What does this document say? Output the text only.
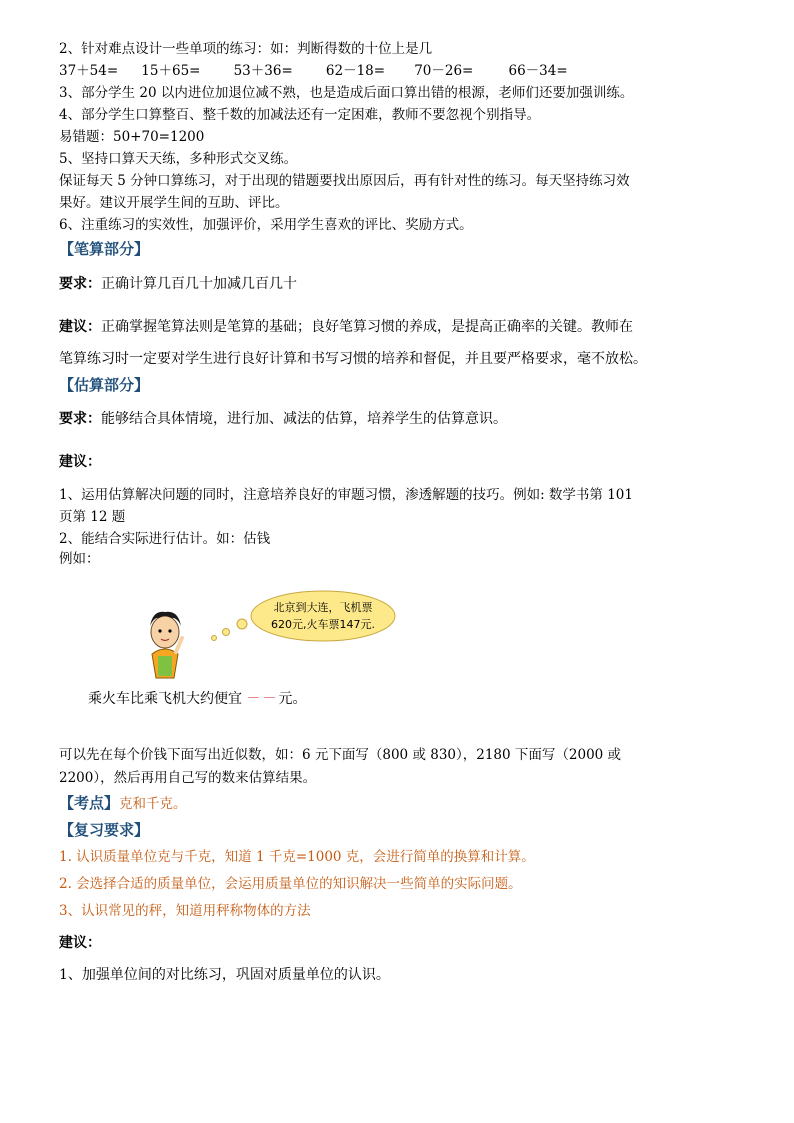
2、针对难点设计一些单项的练习：如：判断得数的十位上是几
37＋54= 15＋65= 53＋36= 62－18= 70－26=	66－34=
3、部分学生 20 以内进位加退位减不熟，也是造成后面口算出错的根源，老师们还要加强训练。
4、部分学生口算整百、整千数的加减法还有一定困难，教师不要忽视个别指导。
易错题：50+70=1200
5、坚持口算天天练，多种形式交叉练。
保证每天 5 分钟口算练习，对于出现的错题要找出原因后，再有针对性的练习。每天坚持练习效
果好。建议开展学生间的互助、评比。
6、注重练习的实效性，加强评价，采用学生喜欢的评比、奖励方式。
【笔算部分】
要求：正确计算几百几十加减几百几十
建议：正确掌握笔算法则是笔算的基础；良好笔算习惯的养成，是提高正确率的关键。教师在
笔算练习时一定要对学生进行良好计算和书写习惯的培养和督促，并且要严格要求，毫不放松。
【估算部分】
要求：能够结合具体情境，进行加、减法的估算，培养学生的估算意识。
建议：
1、运用估算解决问题的同时，注意培养良好的审题习惯，渗透解题的技巧。例如: 数学书第 101
页第 12 题
2、能结合实际进行估计。如：估钱
例如：
北京到大连，飞机票
620元,火车票147元.
乘火车比乘飞机大约便宜 －－元。
可以先在每个价钱下面写出近似数，如：6 元下面写（800 或 830），2180 下面写（2000 或
2200），然后再用自己写的数来估算结果。
【考点】克和千克。
【复习要求】
1. 认识质量单位克与千克，知道 1 千克=1000 克，会进行简单的换算和计算。
2. 会选择合适的质量单位，会运用质量单位的知识解决一些简单的实际问题。
3、认识常见的秤，知道用秤称物体的方法
建议：
1、加强单位间的对比练习，巩固对质量单位的认识。
